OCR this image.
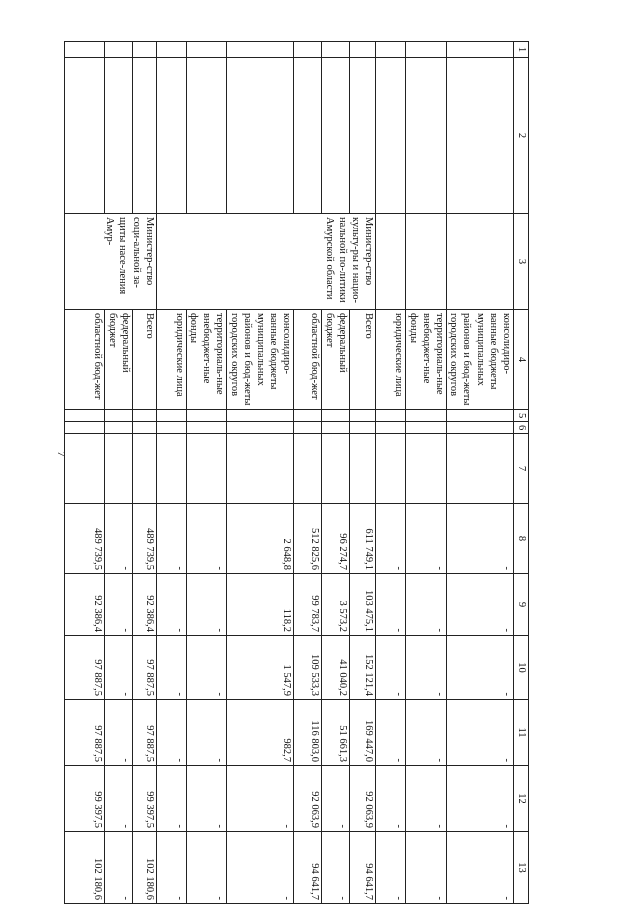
7
1	2	3	4	5	6	7	8	9	10	11	12	13
			консолидиро-ванные бюджеты муниципальных районов и бюд-жеты городских округов				-	-	-	-	-	-
			территориаль-ные внебюджет-ные фонды				-	-	-	-	-	-
			юридические лица				-	-	-	-	-	-
		Министер-ство культу-ры и нацио-нальной по-литики Амурской области	Всего				611 749,1	103 475,1	152 121,4	169 447,0	92 063,9	94 641,7
			федеральный бюджет				96 274,7	3 573,2	41 040,2	51 661,3	-	-
			областной бюд-жет				512 825,6	99 783,7	109 533,3	116 803,0	92 063,9	94 641,7
			консолидиро-ванные бюджеты муниципальных районов и бюд-жеты городских округов				2 648,8	118,2	1 547,9	982,7	-	-
			территориаль-ные внебюджет-ные фонды				-	-	-	-	-	-
			юридические лица				-	-	-	-	-	-
		Министер-ство соци-альной за-щиты насе-ления Амур-	Всего				489 739,5	92 386,4	97 887,5	97 887,5	99 397,5	102 180,6
			федеральный бюджет				-	-	-	-	-	-
			областной бюд-жет				489 739,5	92 386,4	97 887,5	97 887,5	99 397,5	102 180,6
